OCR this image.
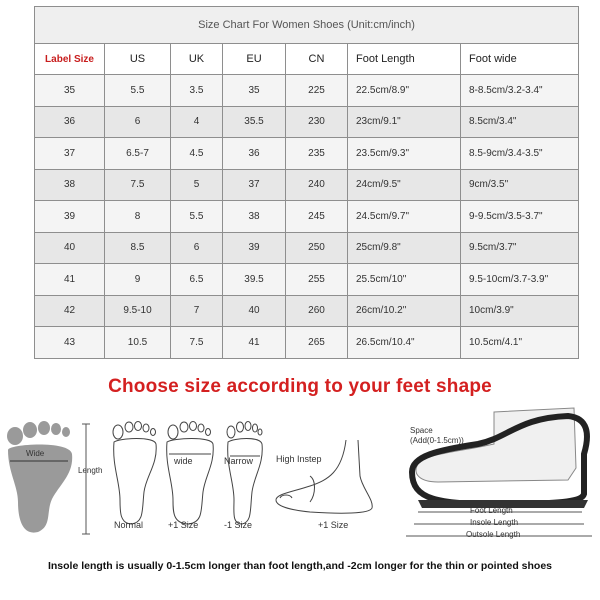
Size Chart For Women Shoes (Unit:cm/inch)						
Label Size	US	UK	EU	CN	Foot Length	Foot wide
35	5.5	3.5	35	225	22.5cm/8.9"	8-8.5cm/3.2-3.4"
36	6	4	35.5	230	23cm/9.1"	8.5cm/3.4"
37	6.5-7	4.5	36	235	23.5cm/9.3"	8.5-9cm/3.4-3.5"
38	7.5	5	37	240	24cm/9.5"	9cm/3.5"
39	8	5.5	38	245	24.5cm/9.7"	9-9.5cm/3.5-3.7"
40	8.5	6	39	250	25cm/9.8"	9.5cm/3.7"
41	9	6.5	39.5	255	25.5cm/10"	9.5-10cm/3.7-3.9"
42	9.5-10	7	40	260	26cm/10.2"	10cm/3.9"
43	10.5	7.5	41	265	26.5cm/10.4"	10.5cm/4.1"
Choose size according to your feet shape
Wide
Length
Normal
wide
+1 Size
Narrow
-1 Size
High Instep
+1 Size
Space
(Add(0-1.5cm))
Foot Length
Insole Length
Outsole Length
Insole length is usually 0-1.5cm longer than foot length,and -2cm longer for the thin or pointed shoes
